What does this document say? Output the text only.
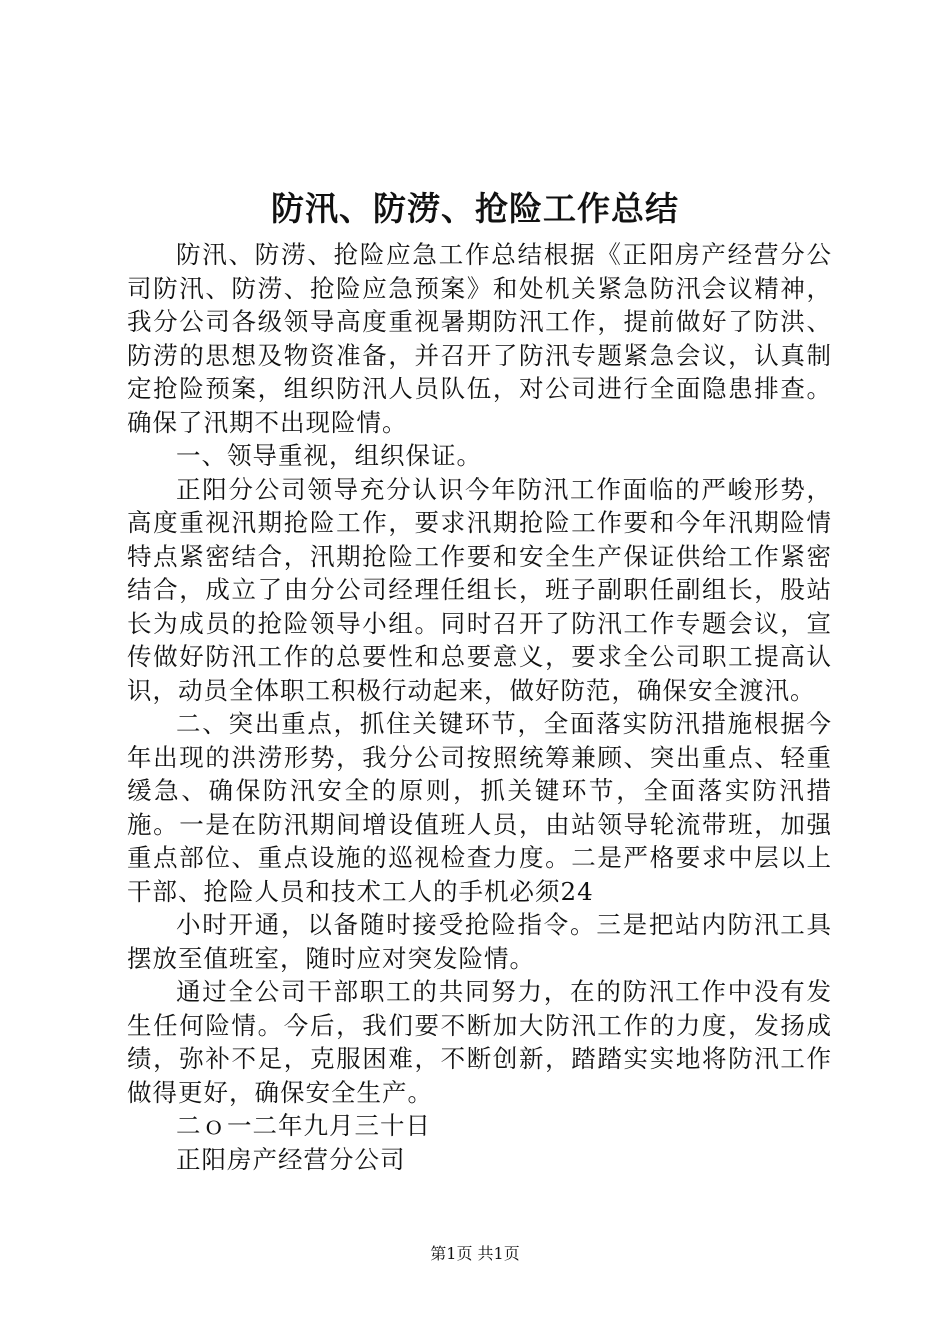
防汛、防涝、抢险工作总结

防汛、防涝、抢险应急工作总结根据《正阳房产经营分公司防汛、防涝、抢险应急预案》和处机关紧急防汛会议精神，我分公司各级领导高度重视暑期防汛工作，提前做好了防洪、防涝的思想及物资准备，并召开了防汛专题紧急会议，认真制定抢险预案，组织防汛人员队伍，对公司进行全面隐患排查。确保了汛期不出现险情。

一、领导重视，组织保证。

正阳分公司领导充分认识今年防汛工作面临的严峻形势，高度重视汛期抢险工作，要求汛期抢险工作要和今年汛期险情特点紧密结合，汛期抢险工作要和安全生产保证供给工作紧密结合，成立了由分公司经理任组长，班子副职任副组长，股站长为成员的抢险领导小组。同时召开了防汛工作专题会议，宣传做好防汛工作的总要性和总要意义，要求全公司职工提高认识，动员全体职工积极行动起来，做好防范，确保安全渡汛。

二、突出重点，抓住关键环节，全面落实防汛措施根据今年出现的洪涝形势，我分公司按照统筹兼顾、突出重点、轻重缓急、确保防汛安全的原则，抓关键环节，全面落实防汛措施。一是在防汛期间增设值班人员，由站领导轮流带班，加强重点部位、重点设施的巡视检查力度。二是严格要求中层以上干部、抢险人员和技术工人的手机必须24

小时开通，以备随时接受抢险指令。三是把站内防汛工具摆放至值班室，随时应对突发险情。

通过全公司干部职工的共同努力，在的防汛工作中没有发生任何险情。今后，我们要不断加大防汛工作的力度，发扬成绩，弥补不足，克服困难，不断创新，踏踏实实地将防汛工作做得更好，确保安全生产。

二ｏ一二年九月三十日

正阳房产经营分公司

第1页 共1页
